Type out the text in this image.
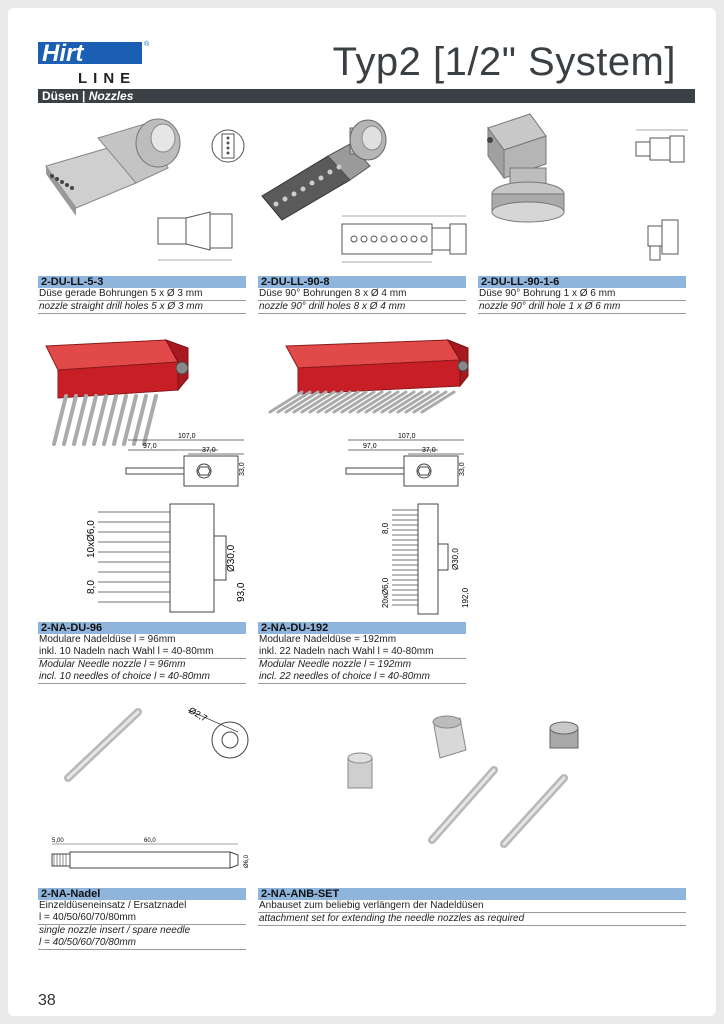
Hirt	®
LINE	Typ2 [1/2" System]
Düsen | Nozzles
2-DU-LL-5-3
Düse gerade Bohrungen 5 x Ø 3 mm
nozzle straight drill holes 5 x Ø 3 mm
2-DU-LL-90-8
Düse 90° Bohrungen 8 x Ø 4 mm
nozzle 90° drill holes 8 x Ø 4 mm
2-DU-LL-90-1-6
Düse 90° Bohrung 1 x Ø 6 mm
nozzle 90° drill hole 1 x Ø 6 mm
107,0
97,0
37,0
33,0
10xØ6,0
8,0
Ø30,0
93,0
107,0
97,0
37,0
33,0
8,0
20xØ6,0
Ø30,0
192,0
2-NA-DU-96
Modulare Nadeldüse l = 96mm
inkl. 10 Nadeln nach Wahl l = 40-80mm
Modular Needle nozzle l = 96mm
incl. 10 needles of choice l = 40-80mm
2-NA-DU-192
Modulare Nadeldüse = 192mm
inkl. 22 Nadeln nach Wahl l = 40-80mm
Modular Needle nozzle l = 192mm
incl. 22 needles of choice l = 40-80mm
Ø2,7
5,00	60,0
Ø6,0
2-NA-Nadel
Einzeldüseneinsatz / Ersatznadel
l = 40/50/60/70/80mm
single nozzle insert / spare needle
l = 40/50/60/70/80mm
2-NA-ANB-SET
Anbauset zum beliebig verlängern der Nadeldüsen
attachment set for extending the needle nozzles as required
38
